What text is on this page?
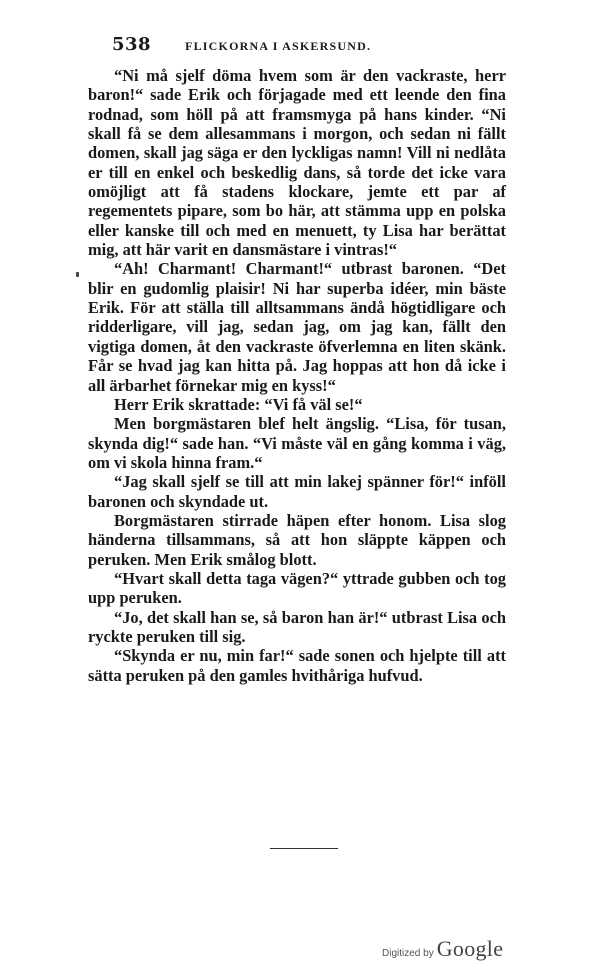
538	FLICKORNA I ASKERSUND.

“Ni må sjelf döma hvem som är den vackraste, herr baron!“ sade Erik och förjagade med ett leende den fina rodnad, som höll på att framsmyga på hans kinder. “Ni skall få se dem allesammans i morgon, och sedan ni fällt domen, skall jag säga er den lyckligas namn! Vill ni nedlåta er till en enkel och beskedlig dans, så torde det icke vara omöjligt att få stadens klockare, jemte ett par af regementets pipare, som bo här, att stämma upp en polska eller kanske till och med en menuett, ty Lisa har berättat mig, att här varit en dansmästare i vintras!“

“Ah! Charmant! Charmant!“ utbrast baronen. “Det blir en gudomlig plaisir! Ni har superba idéer, min bäste Erik. För att ställa till alltsammans ändå högtidligare och ridderligare, vill jag, sedan jag, om jag kan, fällt den vigtiga domen, åt den vackraste öfverlemna en liten skänk. Får se hvad jag kan hitta på. Jag hoppas att hon då icke i all ärbarhet förnekar mig en kyss!“

Herr Erik skrattade: “Vi få väl se!“

Men borgmästaren blef helt ängslig. “Lisa, för tusan, skynda dig!“ sade han. “Vi måste väl en gång komma i väg, om vi skola hinna fram.“

“Jag skall sjelf se till att min lakej spänner för!“ inföll baronen och skyndade ut.

Borgmästaren stirrade häpen efter honom. Lisa slog händerna tillsammans, så att hon släppte käppen och peruken. Men Erik smålog blott.

“Hvart skall detta taga vägen?“ yttrade gubben och tog upp peruken.

“Jo, det skall han se, så baron han är!“ utbrast Lisa och ryckte peruken till sig.

“Skynda er nu, min far!“ sade sonen och hjelpte till att sätta peruken på den gamles hvithåriga hufvud.

Digitized by Google
